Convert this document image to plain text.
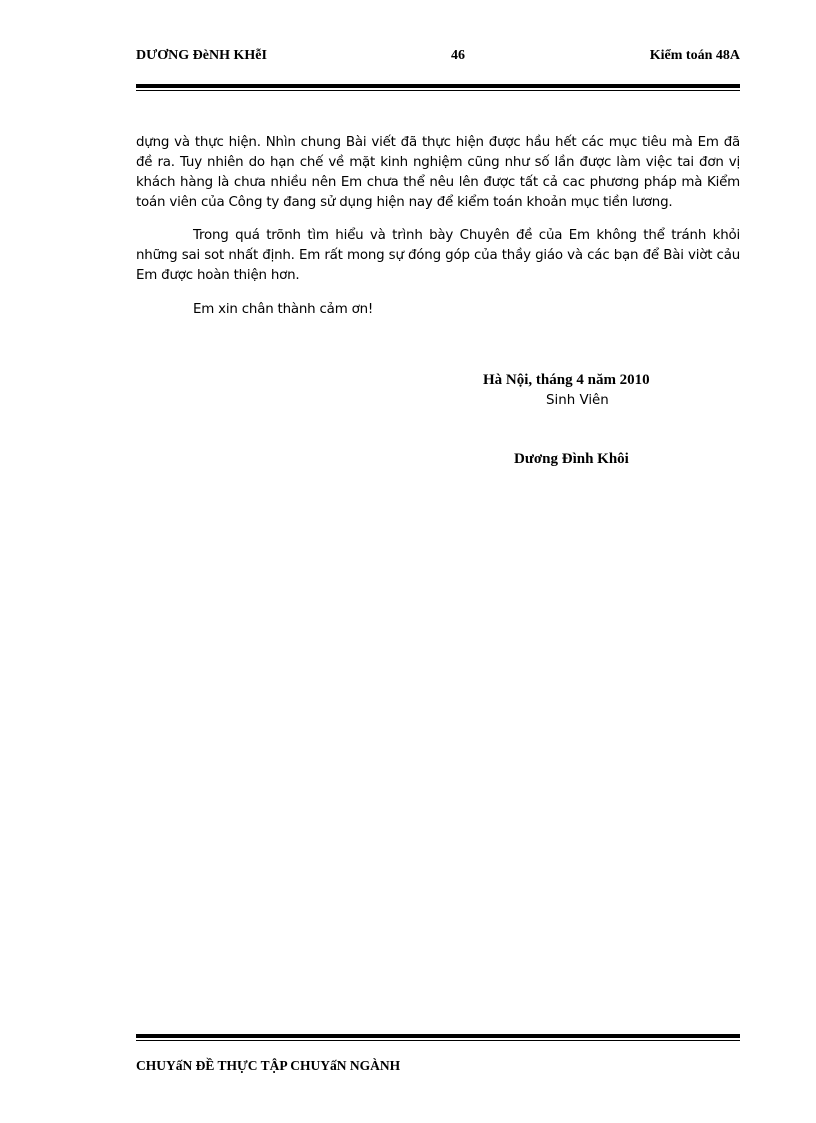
DƯƠNG ĐèNH KHễI	46	Kiểm toán 48A

dựng và thực hiện. Nhìn chung Bài viết đã thực hiện được hầu hết các mục tiêu mà Em đã đề ra. Tuy nhiên do hạn chế về mặt kinh nghiệm cũng như số lần được làm việc tai đơn vị khách hàng là chưa nhiều nên Em chưa thể nêu lên được tất cả cac phương pháp mà Kiểm toán viên của Công ty đang sử dụng hiện nay để kiểm toán khoản mục tiền lương.

Trong quá trõnh tìm hiểu và trình bày Chuyên đề của Em không thể tránh khỏi những sai sot nhất định. Em rất mong sự đóng góp của thầy giáo và các bạn để Bài viờt cảu Em được hoàn thiện hơn.

Em xin chân thành cảm ơn!

Hà Nội, tháng 4 năm 2010
Sinh Viên
Dương Đình Khôi
CHUYấN ĐỀ THỰC TẬP CHUYấN NGÀNH
